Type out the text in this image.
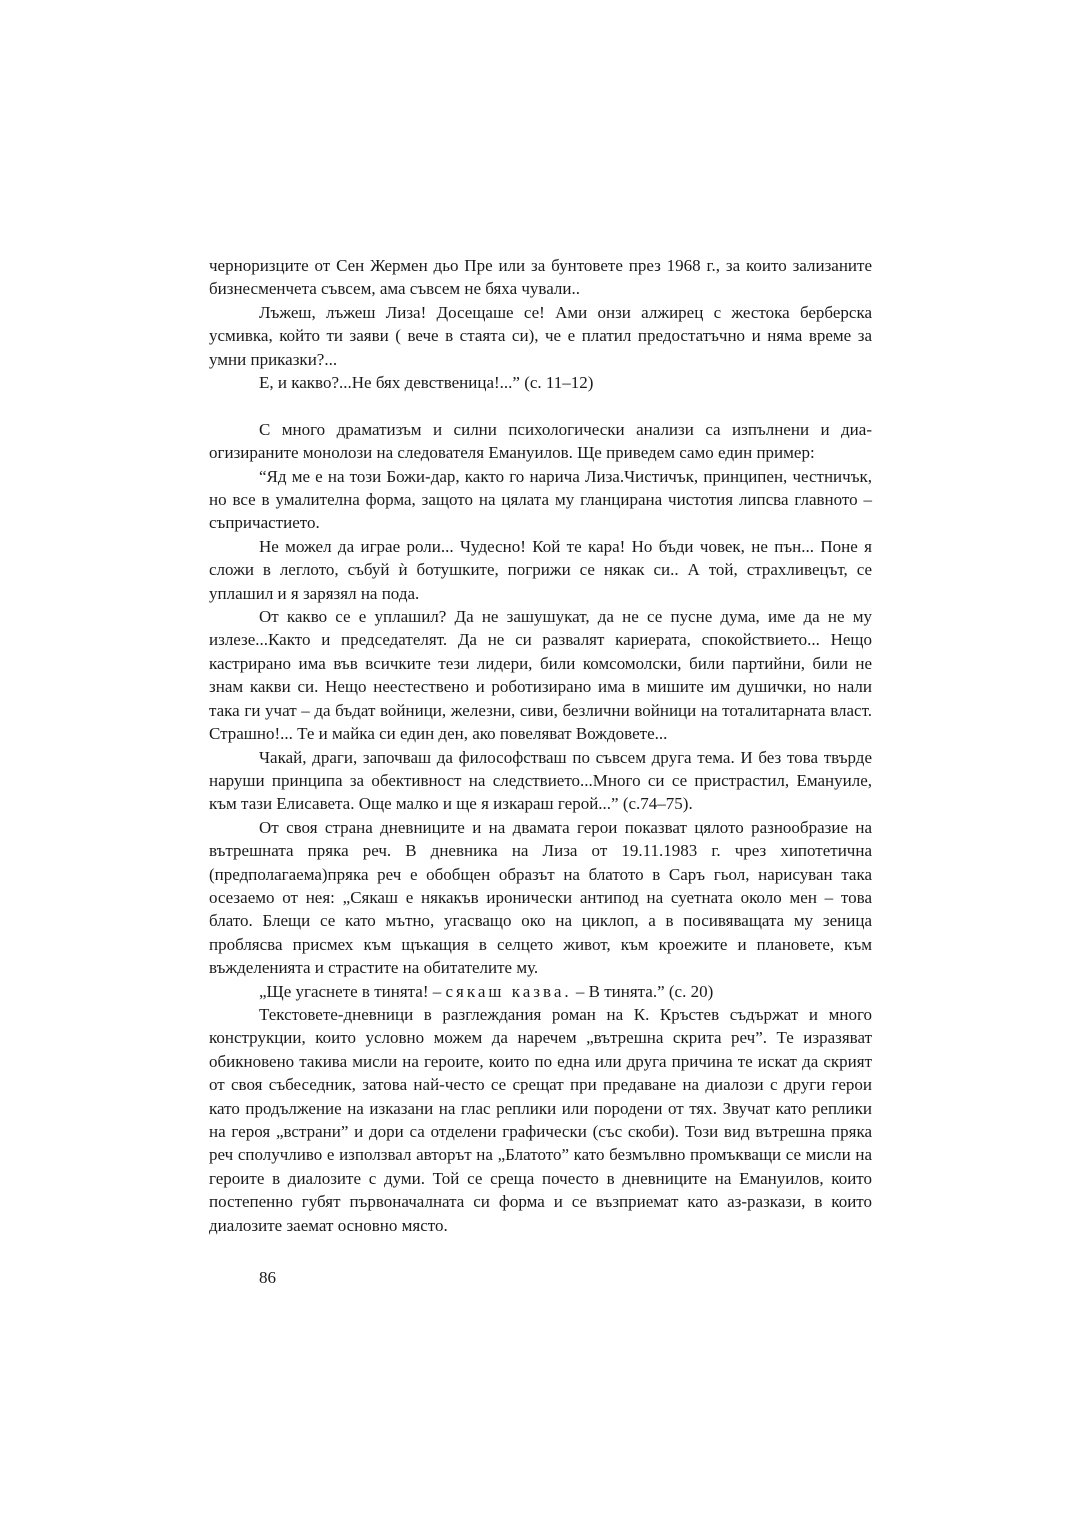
черноризците от Сен Жермен дьо Пре или за бунтовете през 1968 г., за които зализаните бизнесменчета съвсем, ама съвсем не бяха чували..

Лъжеш, лъжеш Лиза! Досещаше се! Ами онзи алжирец с жестока берберска усмивка, който ти заяви ( вече в стаята си), че е платил предостатъчно и няма време за умни приказки?...

Е, и какво?...Не бях девственица!...” (с. 11–12)

С много драматизъм и силни психологически анализи са изпълнени и диаогизираните монолози на следователя Емануилов. Ще приведем само един пример:

“Яд ме е на този Божи-дар, както го нарича Лиза.Чистичък, принципен, честничък, но все в умалителна форма, защото на цялата му гланцирана чистотия липсва главното – съпричастието.

Не можел да играе роли... Чудесно! Кой те кара! Но бъди човек, не пън... Поне я сложи в леглото, събуй ѝ ботушките, погрижи се някак си.. А той, страхливецът, се уплашил и я зарязял на пода.

От какво се е уплашил? Да не зашушукат, да не се пусне дума, име да не му излезе...Както и председателят. Да не си развалят кариерата, спокойствието... Нещо кастрирано има във всичките тези лидери, били комсомолски, били партийни, били не знам какви си. Нещо неестествено и роботизирано има в мишите им душички, но нали така ги учат – да бъдат войници, железни, сиви, безлични войници на тоталитарната власт. Страшно!... Те и майка си един ден, ако повеляват Вождовете...

Чакай, драги, започваш да философстваш по съвсем друга тема. И без това твърде наруши принципа за обективност на следствието...Много си се пристрастил, Емануиле, към тази Елисавета. Още малко и ще я изкараш герой...” (с.74–75).

От своя страна дневниците и на двамата герои показват цялото разнообразие на вътрешната пряка реч. В дневника на Лиза от 19.11.1983 г. чрез хипотетична (предполагаема)пряка реч е обобщен образът на блатото в Саръ гьол, нарисуван така осезаемо от нея: „Сякаш е някакъв иронически антипод на суетната около мен – това блато. Блещи се като мътно, угасващо око на циклоп, а в посивяващата му зеница проблясва присмех към щъкащия в селцето живот, към кроежите и плановете, към въжделенията и страстите на обитателите му.

„Ще угаснете в тинята! – сякаш казва. – В тинята.” (с. 20)

Текстовете-дневници в разглеждания роман на К. Кръстев съдържат и много конструкции, които условно можем да наречем „вътрешна скрита реч”. Те изразяват обикновено такива мисли на героите, които по една или друга причина те искат да скрият от своя събеседник, затова най-често се срещат при предаване на диалози с други герои като продължение на изказани на глас реплики или породени от тях. Звучат като реплики на героя „встрани” и дори са отделени графически (със скоби). Този вид вътрешна пряка реч сполучливо е използвал авторът на „Блатото” като безмълвно промъкващи се мисли на героите в диалозите с думи. Той се среща почесто в дневниците на Емануилов, които постепенно губят първоначалната си форма и се възприемат като аз-разкази, в които диалозите заемат основно място.

86
